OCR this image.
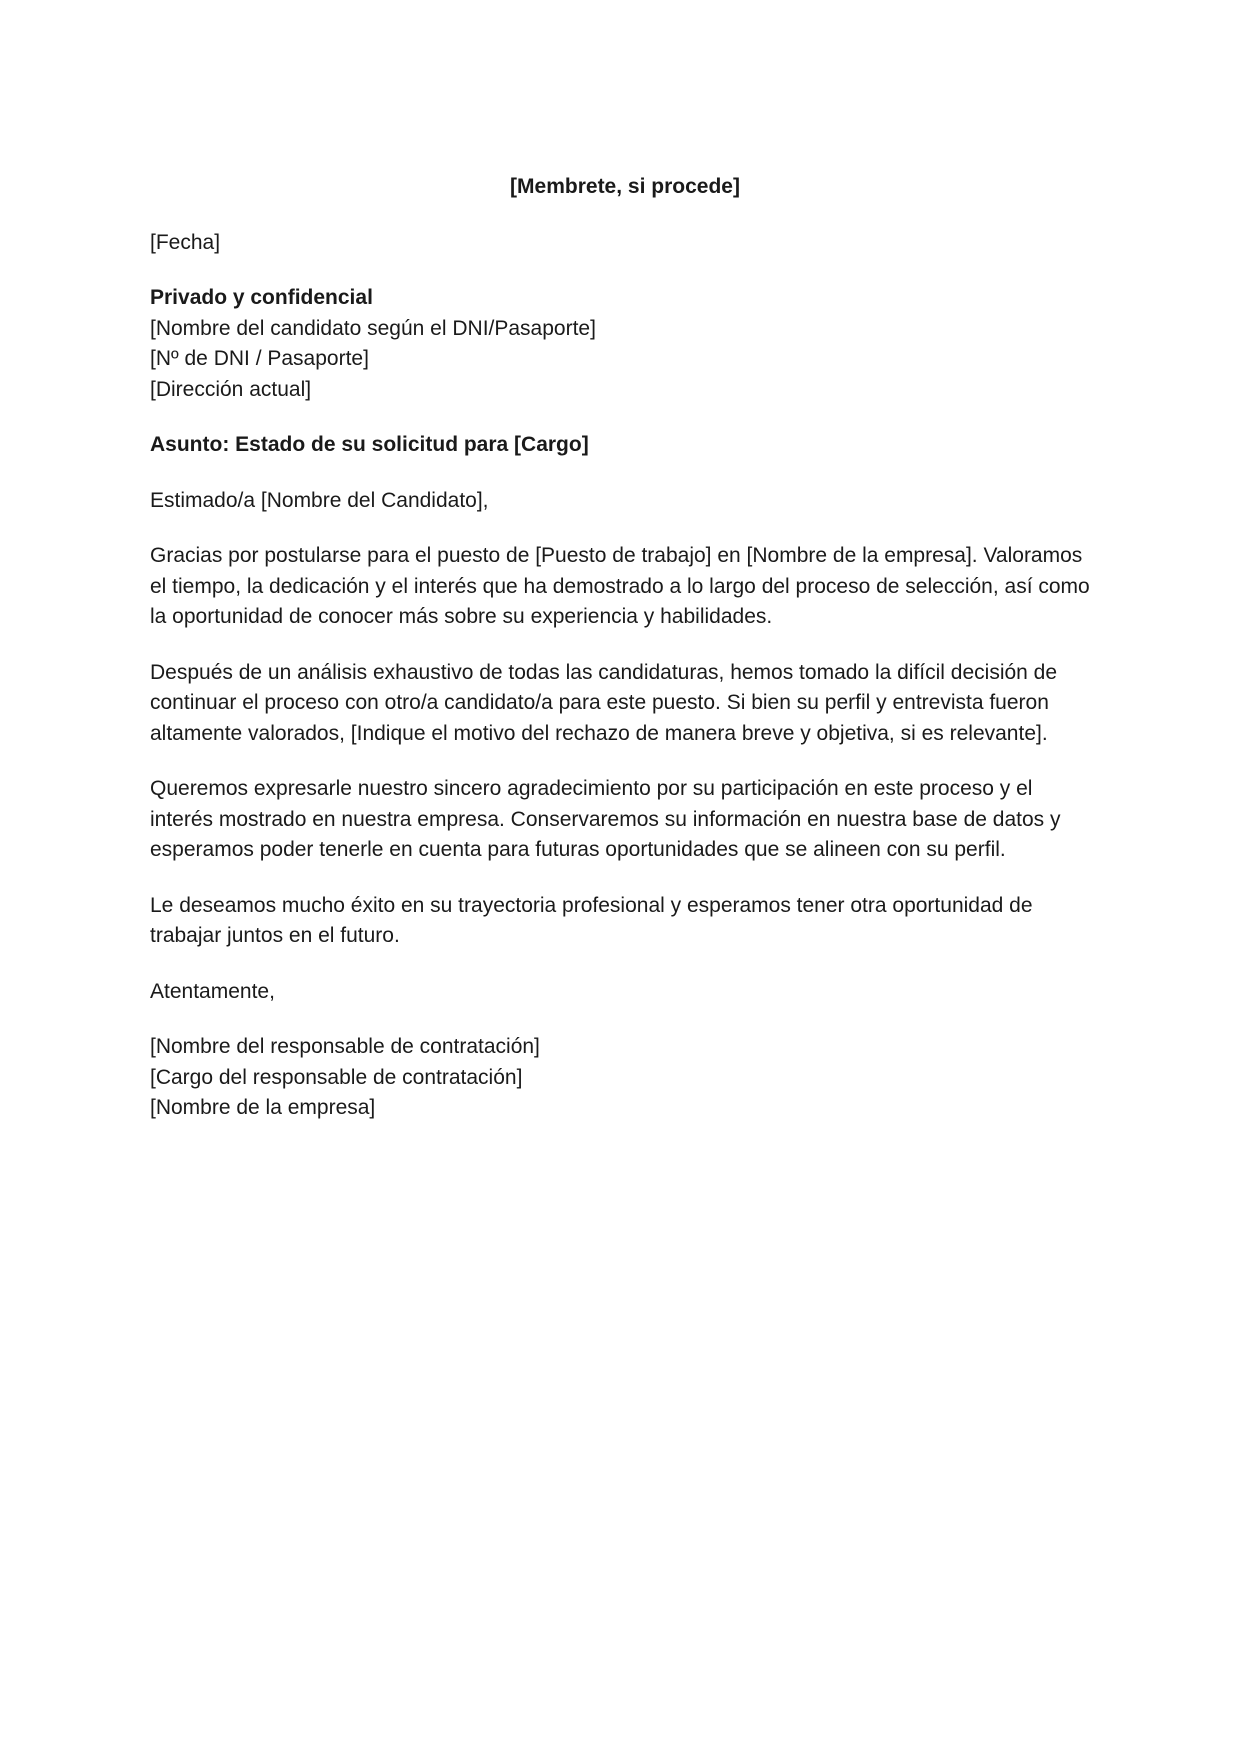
[Membrete, si procede]
[Fecha]
Privado y confidencial
[Nombre del candidato según el DNI/Pasaporte]
[Nº de DNI / Pasaporte]
[Dirección actual]
Asunto: Estado de su solicitud para [Cargo]
Estimado/a [Nombre del Candidato],
Gracias por postularse para el puesto de [Puesto de trabajo] en [Nombre de la empresa]. Valoramos el tiempo, la dedicación y el interés que ha demostrado a lo largo del proceso de selección, así como la oportunidad de conocer más sobre su experiencia y habilidades.
Después de un análisis exhaustivo de todas las candidaturas, hemos tomado la difícil decisión de continuar el proceso con otro/a candidato/a para este puesto. Si bien su perfil y entrevista fueron altamente valorados, [Indique el motivo del rechazo de manera breve y objetiva, si es relevante].
Queremos expresarle nuestro sincero agradecimiento por su participación en este proceso y el interés mostrado en nuestra empresa. Conservaremos su información en nuestra base de datos y esperamos poder tenerle en cuenta para futuras oportunidades que se alineen con su perfil.
Le deseamos mucho éxito en su trayectoria profesional y esperamos tener otra oportunidad de trabajar juntos en el futuro.
Atentamente,
[Nombre del responsable de contratación]
[Cargo del responsable de contratación]
[Nombre de la empresa]
